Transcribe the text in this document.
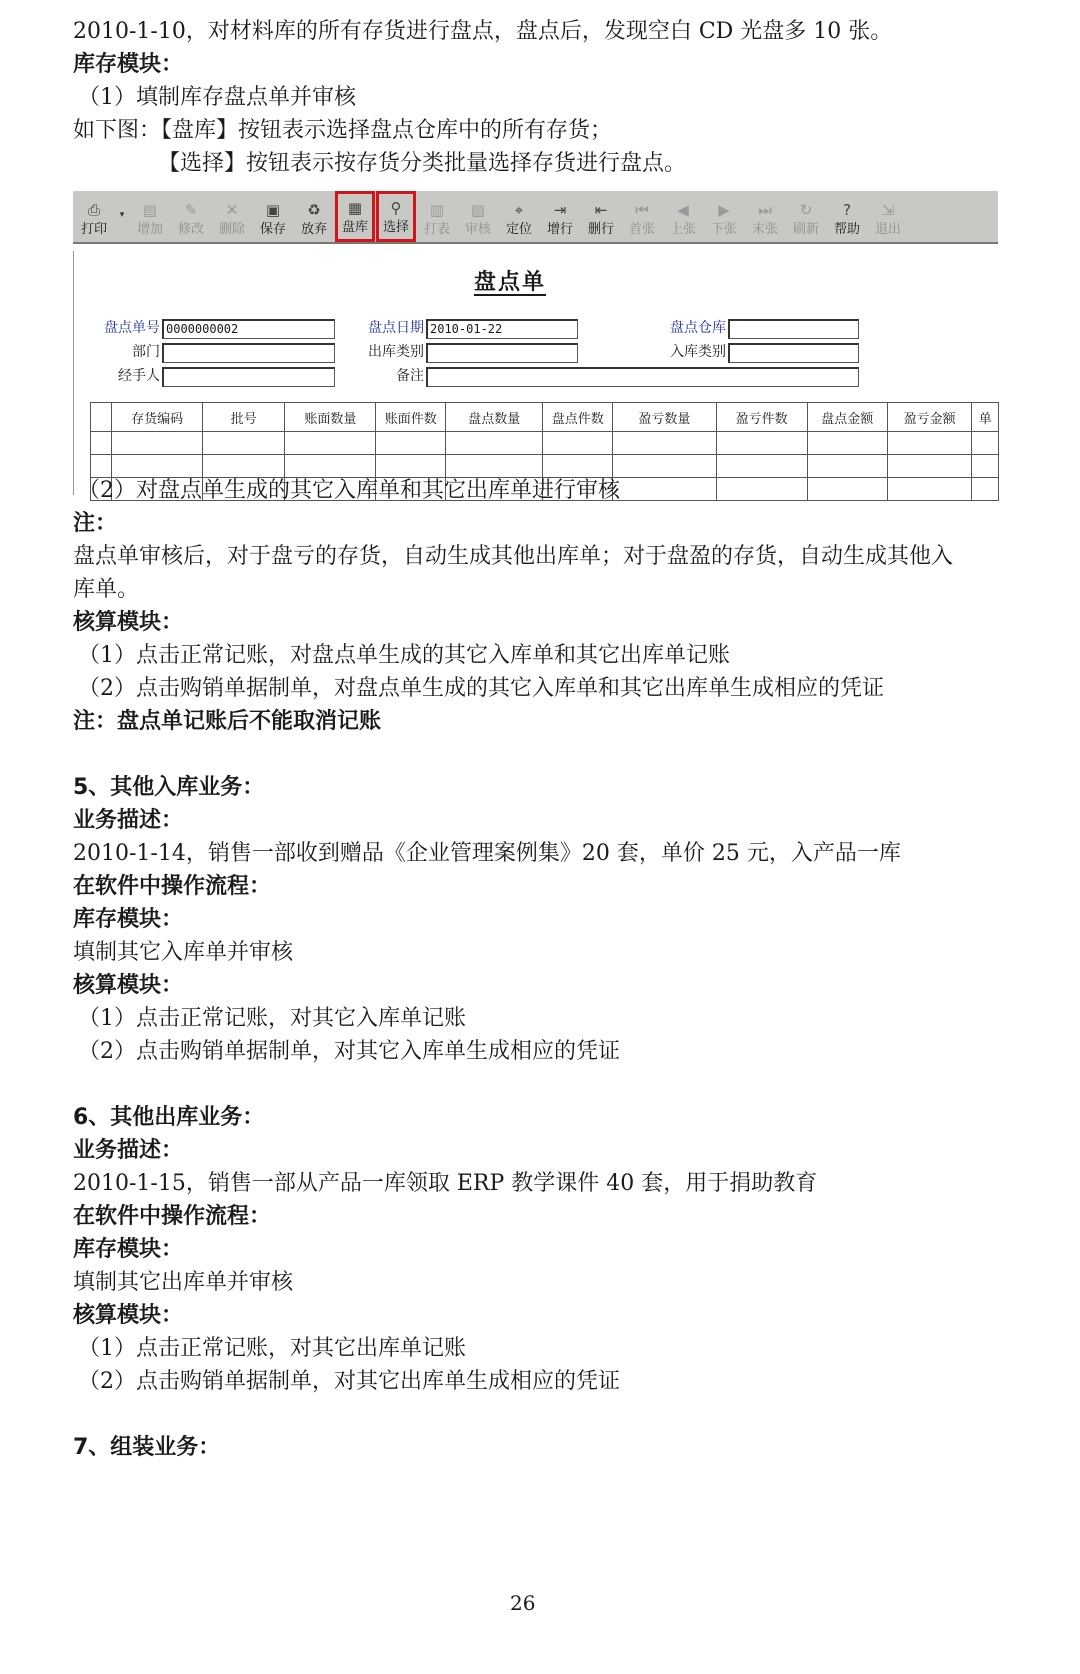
2010-1-10，对材料库的所有存货进行盘点，盘点后，发现空白 CD 光盘多 10 张。
库存模块：
（1）填制库存盘点单并审核
如下图：【盘库】按钮表示选择盘点仓库中的所有存货；
【选择】按钮表示按存货分类批量选择存货进行盘点。
⎙
打印
▾	▤
增加
✎
修改
✕
删除
▣
保存
♻
放弃
▦
盘库
⚲
选择
▥
打表
▨
审核
⌖
定位
⇥
增行
⇤
删行
⏮
首张
◀
上张
▶
下张
⏭
末张
↻
刷新
?
帮助
⇲
退出
盘点单
盘点单号 0000000002
部门
经手人
盘点日期 2010-01-22
出库类别
备注
盘点仓库
入库类别
	存货编码	批号	账面数量	账面件数	盘点数量	盘点件数	盈亏数量	盈亏件数	盘点金额	盈亏金额	单

（2）对盘点单生成的其它入库单和其它出库单进行审核
注：
盘点单审核后，对于盘亏的存货，自动生成其他出库单；对于盘盈的存货，自动生成其他入
库单。
核算模块：
（1）点击正常记账，对盘点单生成的其它入库单和其它出库单记账
（2）点击购销单据制单，对盘点单生成的其它入库单和其它出库单生成相应的凭证
注：盘点单记账后不能取消记账
5、其他入库业务：
业务描述：
2010-1-14，销售一部收到赠品《企业管理案例集》20 套，单价 25 元，入产品一库
在软件中操作流程：
库存模块：
填制其它入库单并审核
核算模块：
（1）点击正常记账，对其它入库单记账
（2）点击购销单据制单，对其它入库单生成相应的凭证
6、其他出库业务：
业务描述：
2010-1-15，销售一部从产品一库领取 ERP 教学课件 40 套，用于捐助教育
在软件中操作流程：
库存模块：
填制其它出库单并审核
核算模块：
（1）点击正常记账，对其它出库单记账
（2）点击购销单据制单，对其它出库单生成相应的凭证
7、组装业务：
26
